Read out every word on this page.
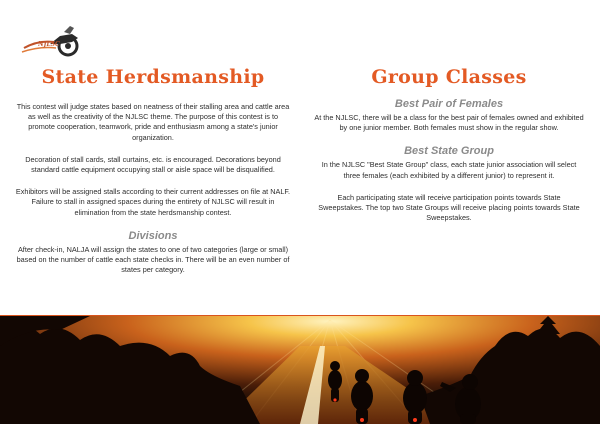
NJLSC
State Herdsmanship

This contest will judge states based on neatness of their stalling area and cattle area as well as the creativity of the NJLSC theme. The purpose of this contest is to promote cooperation, teamwork, pride and enthusiasm among a state's junior organization.

Decoration of stall cards, stall curtains, etc. is encouraged. Decorations beyond standard cattle equipment occupying stall or aisle space will be disqualified.

Exhibitors will be assigned stalls according to their current addresses on file at NALF. Failure to stall in assigned spaces during the entirety of NJLSC will result in elimination from the state herdsmanship contest.

Divisions

After check-in, NALJA will assign the states to one of two categories (large or small) based on the number of cattle each state checks in. There will be an even number of states per category.

Group Classes
Best Pair of Females

At the NJLSC, there will be a class for the best pair of females owned and exhibited by one junior member. Both females must show in the regular show.

Best State Group

In the NJLSC "Best State Group" class, each state junior association will select three females (each exhibited by a different junior) to represent it.

Each participating state will receive participation points towards State Sweepstakes. The top two State Groups will receive placing points towards State Sweepstakes.
